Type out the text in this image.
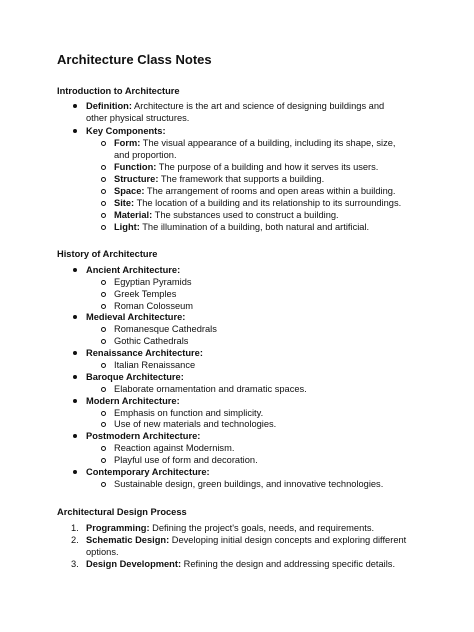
Architecture Class Notes
Introduction to Architecture
Definition: Architecture is the art and science of designing buildings and
other physical structures.
Key Components:
Form: The visual appearance of a building, including its shape, size,
and proportion.
Function: The purpose of a building and how it serves its users.
Structure: The framework that supports a building.
Space: The arrangement of rooms and open areas within a building.
Site: The location of a building and its relationship to its surroundings.
Material: The substances used to construct a building.
Light: The illumination of a building, both natural and artificial.
History of Architecture
Ancient Architecture:
Egyptian Pyramids
Greek Temples
Roman Colosseum
Medieval Architecture:
Romanesque Cathedrals
Gothic Cathedrals
Renaissance Architecture:
Italian Renaissance
Baroque Architecture:
Elaborate ornamentation and dramatic spaces.
Modern Architecture:
Emphasis on function and simplicity.
Use of new materials and technologies.
Postmodern Architecture:
Reaction against Modernism.
Playful use of form and decoration.
Contemporary Architecture:
Sustainable design, green buildings, and innovative technologies.
Architectural Design Process
1. Programming: Defining the project's goals, needs, and requirements.
2. Schematic Design: Developing initial design concepts and exploring different
options.
3. Design Development: Refining the design and addressing specific details.
